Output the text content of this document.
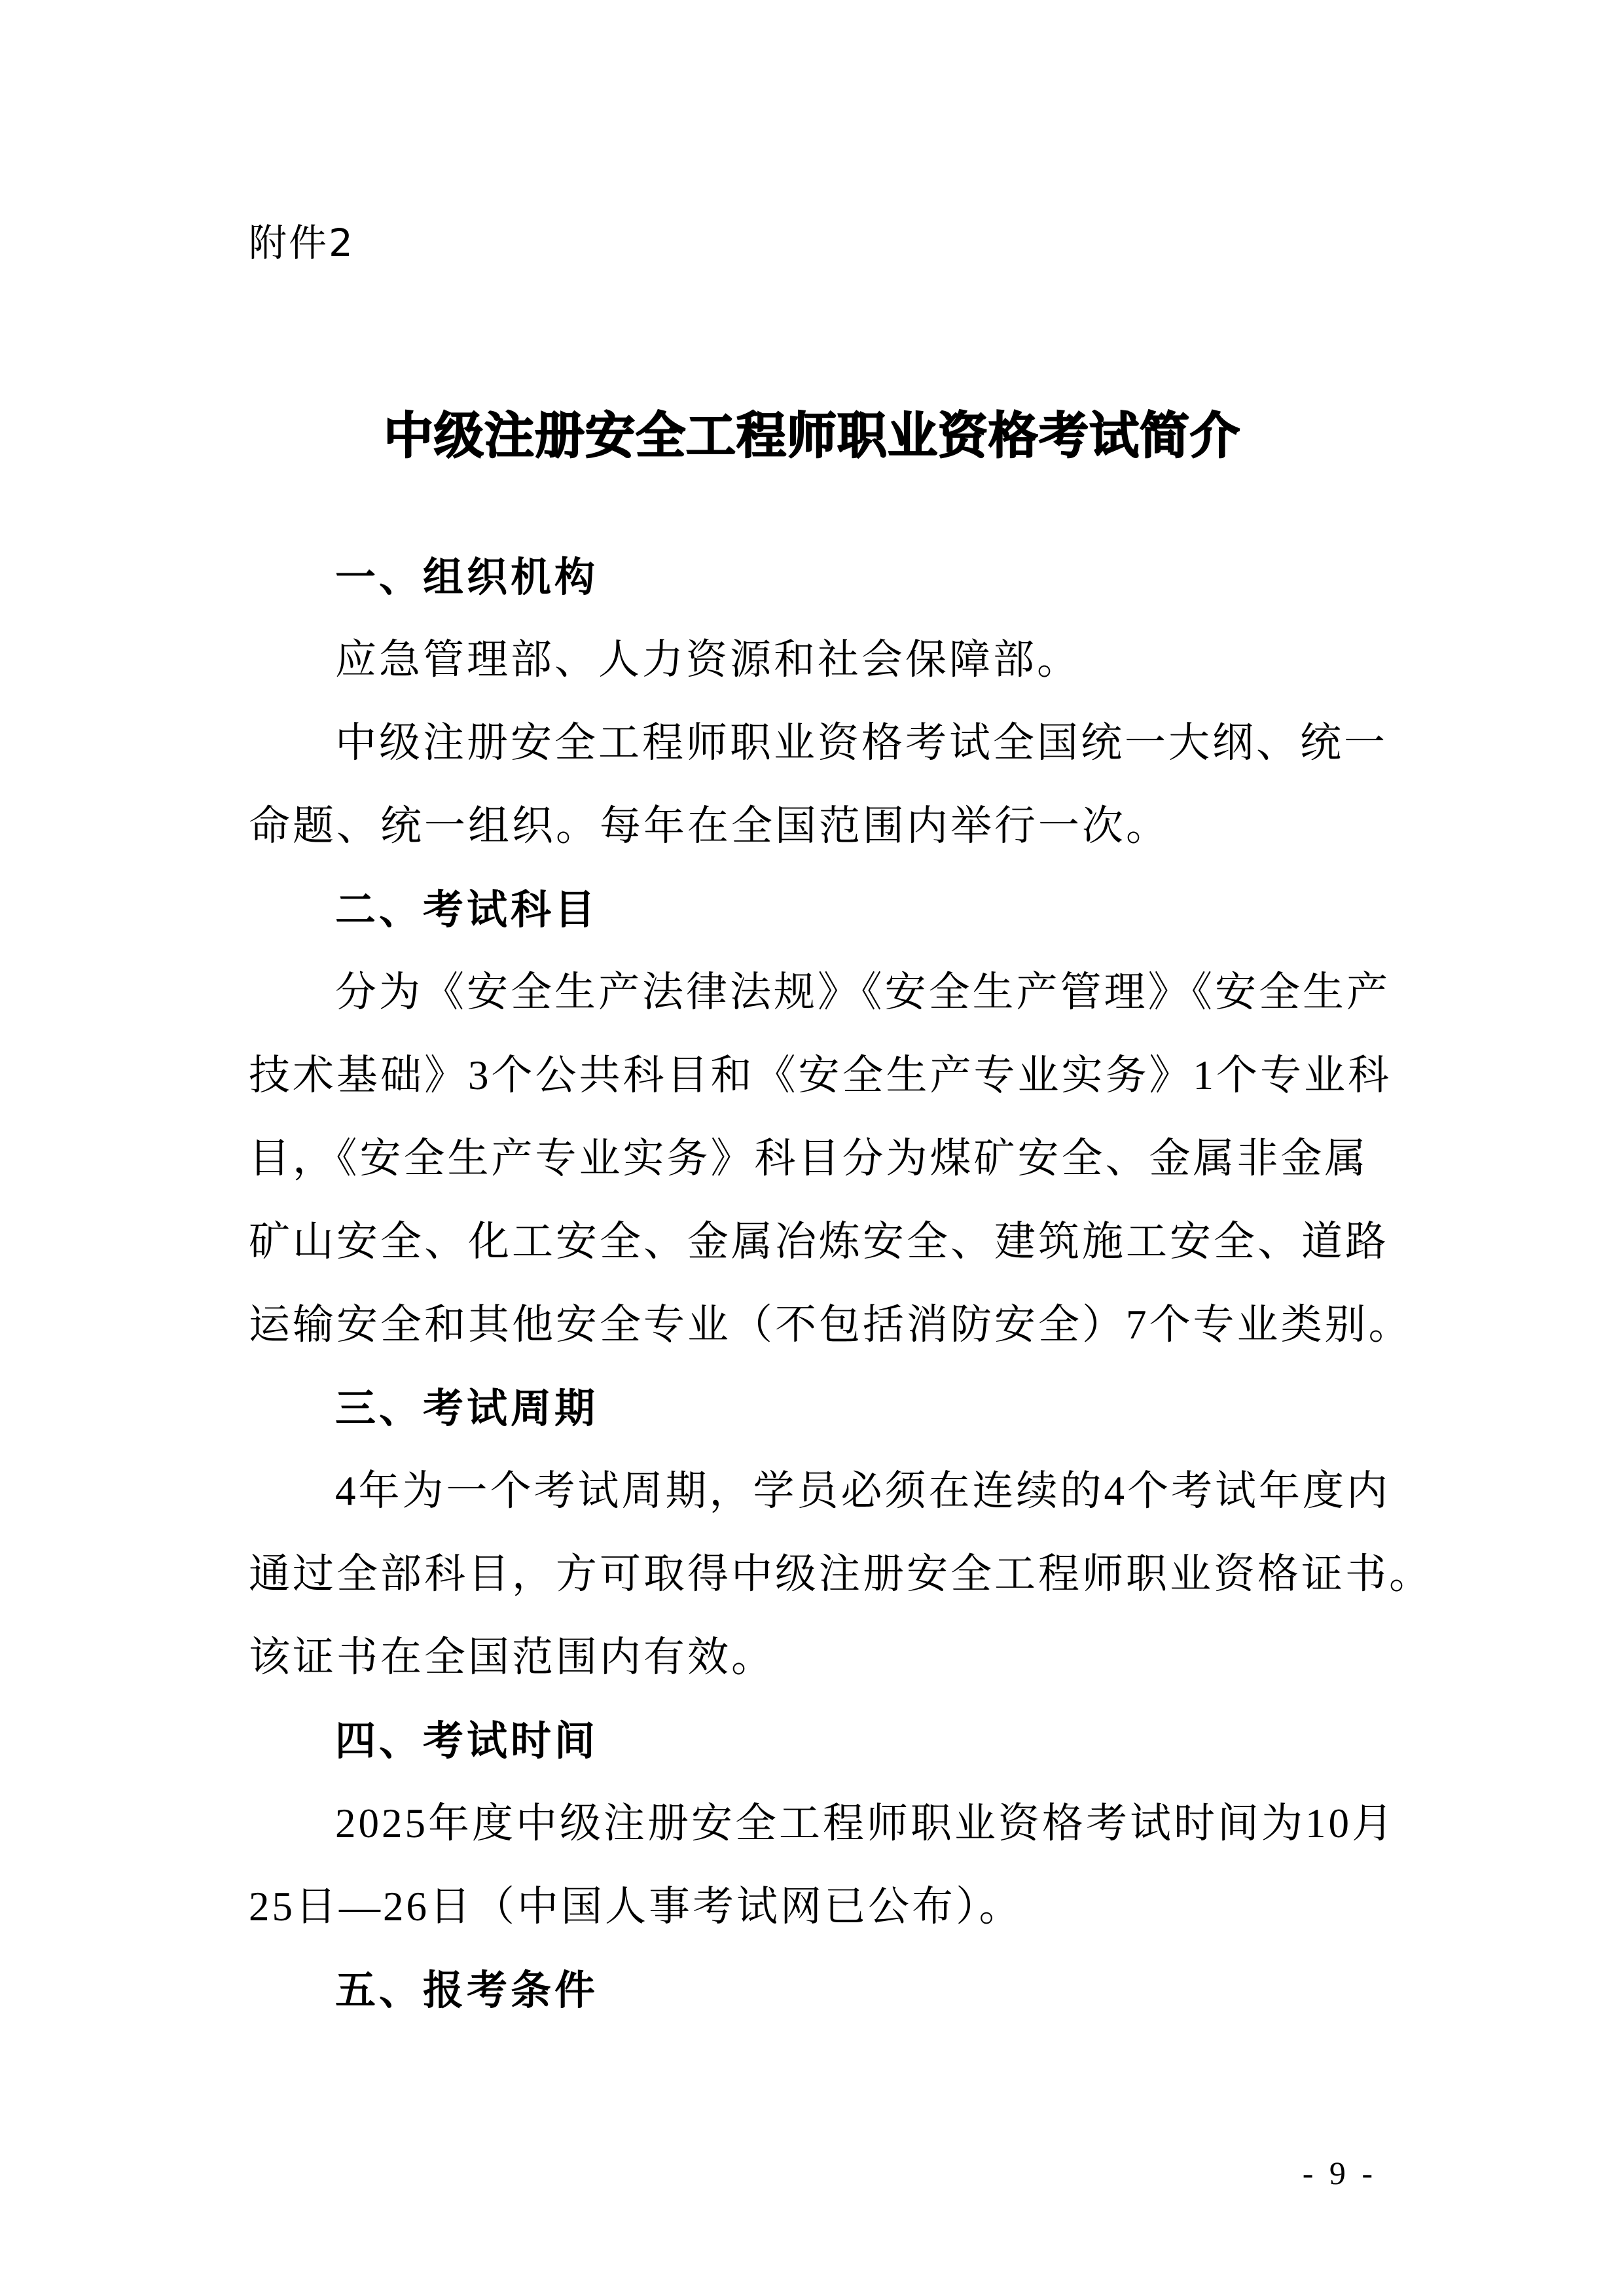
附件2
中级注册安全工程师职业资格考试简介
一、组织机构

应急管理部、人力资源和社会保障部。

中级注册安全工程师职业资格考试全国统一大纲、统一

命题、统一组织。每年在全国范围内举行一次。

二、考试科目

分为《安全生产法律法规》《安全生产管理》《安全生产

技术基础》3个公共科目和《安全生产专业实务》1个专业科

目，《安全生产专业实务》科目分为煤矿安全、金属非金属

矿山安全、化工安全、金属冶炼安全、建筑施工安全、道路

运输安全和其他安全专业（不包括消防安全）7个专业类别。

三、考试周期

4年为一个考试周期，学员必须在连续的4个考试年度内

通过全部科目，方可取得中级注册安全工程师职业资格证书。

该证书在全国范围内有效。

四、考试时间

2025年度中级注册安全工程师职业资格考试时间为10月

25日—26日（中国人事考试网已公布）。

五、报考条件
- 9 -
